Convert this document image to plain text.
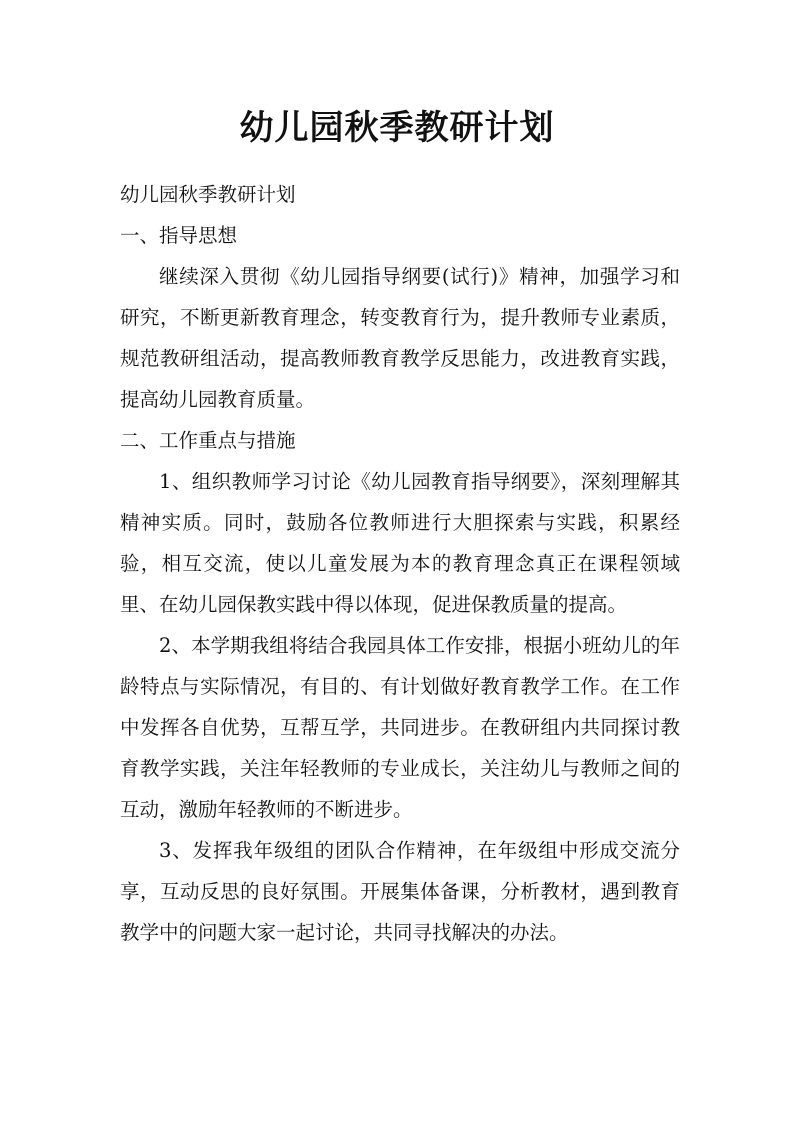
幼儿园秋季教研计划

幼儿园秋季教研计划

一、指导思想

继续深入贯彻《幼儿园指导纲要(试行)》精神，加强学习和研究，不断更新教育理念，转变教育行为，提升教师专业素质，规范教研组活动，提高教师教育教学反思能力，改进教育实践，提高幼儿园教育质量。

二、工作重点与措施

1、组织教师学习讨论《幼儿园教育指导纲要》，深刻理解其精神实质。同时，鼓励各位教师进行大胆探索与实践，积累经验，相互交流，使以儿童发展为本的教育理念真正在课程领域里、在幼儿园保教实践中得以体现，促进保教质量的提高。

2、本学期我组将结合我园具体工作安排，根据小班幼儿的年龄特点与实际情况，有目的、有计划做好教育教学工作。在工作中发挥各自优势，互帮互学，共同进步。在教研组内共同探讨教育教学实践，关注年轻教师的专业成长，关注幼儿与教师之间的互动，激励年轻教师的不断进步。

3、发挥我年级组的团队合作精神，在年级组中形成交流分享，互动反思的良好氛围。开展集体备课，分析教材，遇到教育教学中的问题大家一起讨论，共同寻找解决的办法。
